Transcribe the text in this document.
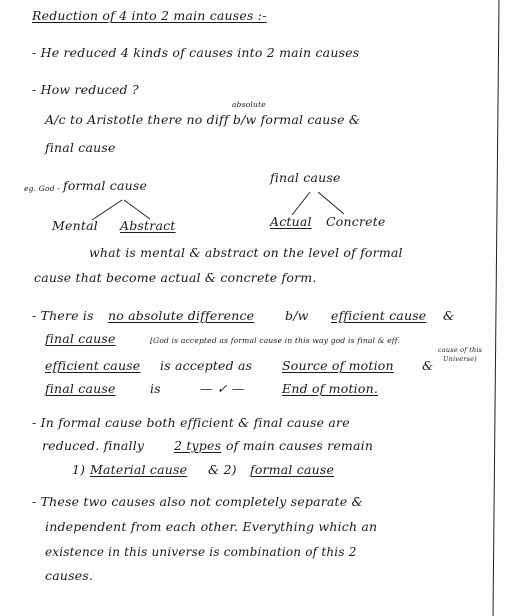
Reduction of 4 into 2 main causes :-
- He reduced 4 kinds of causes into 2 main causes
- How reduced ?
absolute
A/c to Aristotle there no diff b/w formal cause &
final cause
eg. God - formal cause
final cause
Mental Abstract	Actual Concrete
what is mental & abstract on the level of formal
cause that become actual & concrete form.
- There is no absolute difference b/w efficient cause &
final cause	[God is accepted as formal cause in this way god is final & eff.
cause of this
Universe)
efficient cause is accepted as Source of motion &
final cause	is	— ✓ —	End of motion.
- In formal cause both efficient & final cause are
reduced. finally 2 types of main causes remain
1) Material cause & 2) formal cause
- These two causes also not completely separate &
independent from each other. Everything which an
existence in this universe is combination of this 2
causes.
